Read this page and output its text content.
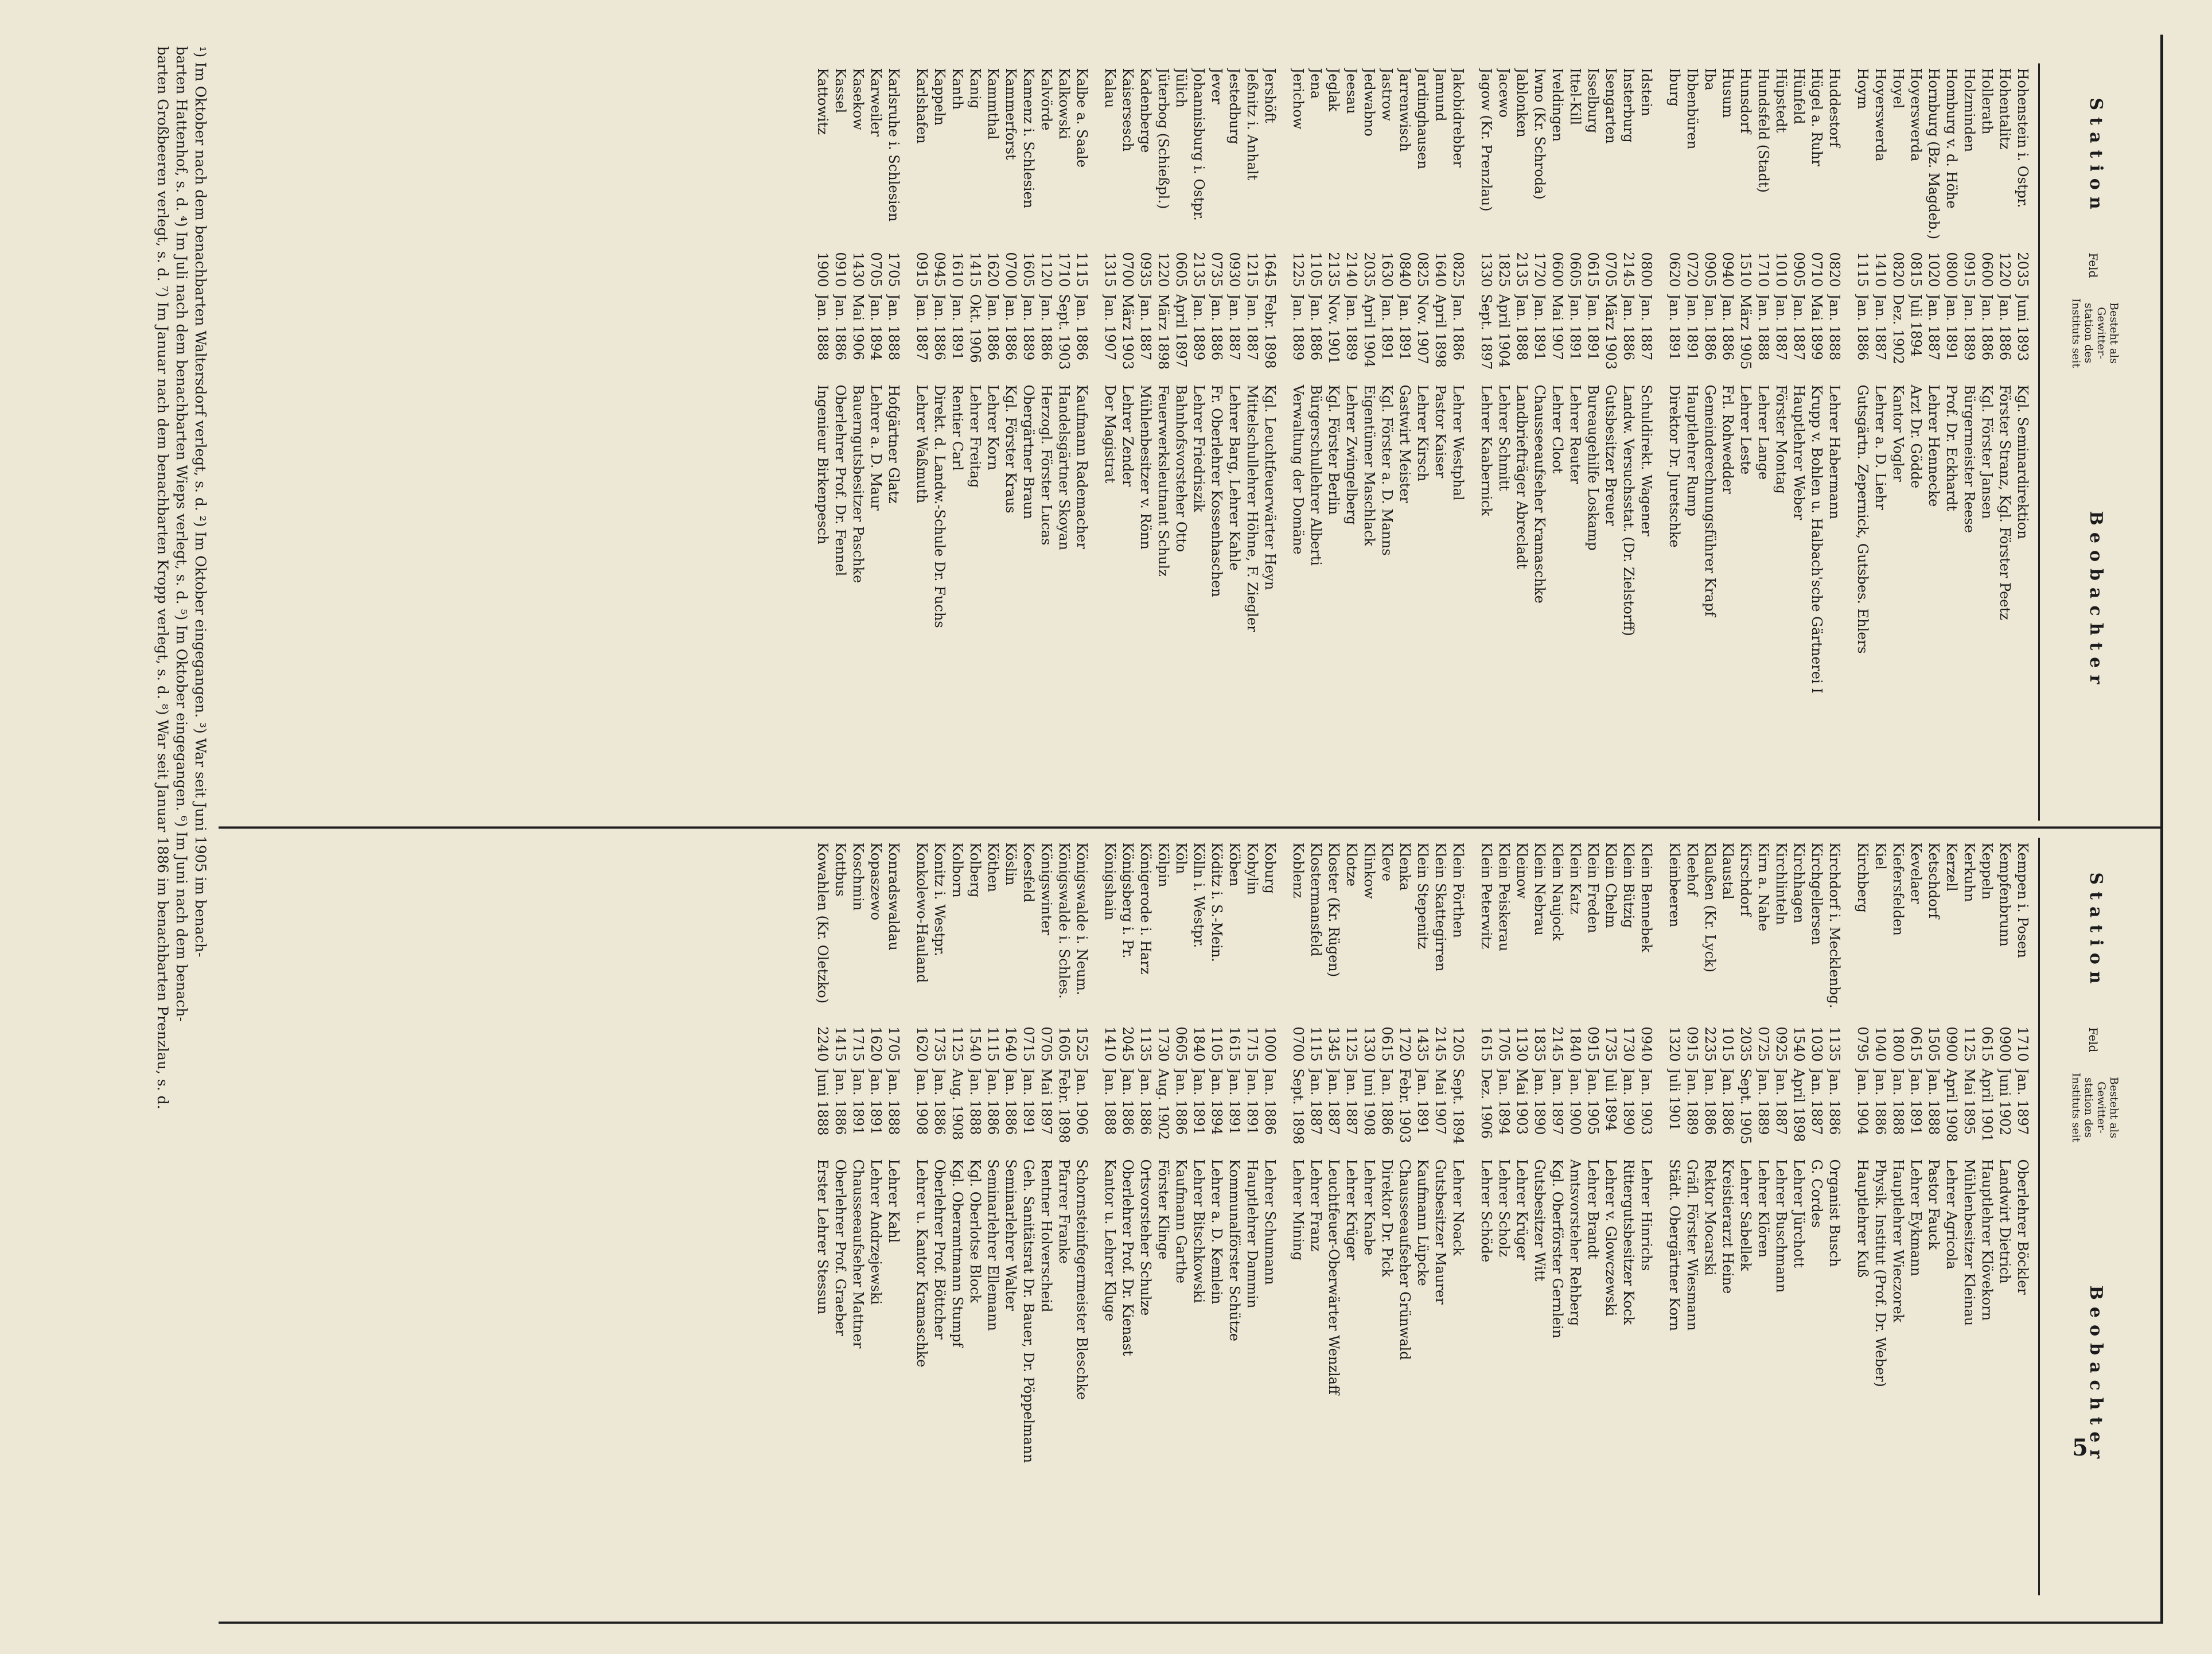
5
Station
Feld
Besteht als Gewitter-station des Instituts seit
Beobachter
Hohenstein i. Ostpr.
2035
Juni 1893
Kgl. Seminardirektion
Hohentalitz
1220
Jan. 1886
Förster Stranz, Kgl. Förster Peetz
Hollerath
0600
Jan. 1886
Kgl. Förster Jansen
Holzminden
0915
Jan. 1889
Bürgermeister Reese
Homburg v. d. Höhe
0800
Jan. 1891
Prof. Dr. Eckhardt
Hornburg (Bz. Magdeb.)
1020
Jan. 1887
Lehrer Hennecke
Hoyerswerda
0815
Juli 1894
Arzt Dr. Gödde
Hoyel
0820
Dez. 1902
Kantor Vogler
Hoyerswerda
1410
Jan. 1887
Lehrer a. D. Liehr
Hoym
1115
Jan. 1886
Gutsgärtn. Zepernick, Gutsbes. Ehlers
Huddestorf
0820
Jan. 1888
Lehrer Habermann
Hügel a. Ruhr
0710
Mai 1899
Krupp v. Bohlen u. Halbach'sche Gärtnerei I
Hünfeld
0905
Jan. 1887
Hauptlehrer Weber
Hüpstedt
1010
Jan. 1887
Förster Montag
Hundsfeld (Stadt)
1710
Jan. 1888
Lehrer Lange
Hunsdorf
1510
März 1905
Lehrer Leste
Husum
0940
Jan. 1886
Frl. Rohwedder
Iba
0905
Jan. 1886
Gemeinderechnungsführer Krapf
Ibbenbüren
0720
Jan. 1891
Hauptlehrer Rump
Iburg
0620
Jan. 1891
Direktor Dr. Juretschke
Idstein
0800
Jan. 1887
Schuldirekt. Wagener
Insterburg
2145
Jan. 1886
Landw. Versuchsstat. (Dr. Zielstorff)
Isengarten
0705
März 1903
Gutsbesitzer Breuer
Isselburg
0615
Jan. 1891
Bureaugehilfe Loskamp
Ittel-Kill
0605
Jan. 1891
Lehrer Reuter
Iveldingen
0600
Mai 1907
Lehrer Cloot
Iwno (Kr. Schroda)
1720
Jan. 1891
Chausseeaufseher Kramaschke
Jablonken
2135
Jan. 1888
Landbriefträger Abrecladt
Jacewo
1825
April 1904
Lehrer Schmitt
Jagow (Kr. Prenzlau)
1330
Sept. 1897
Lehrer Kaabernick
Jakobidrebber
0825
Jan. 1886
Lehrer Westphal
Jamund
1640
April 1898
Pastor Kaiser
Jardinghausen
0825
Nov. 1907
Lehrer Kirsch
Jarrenwisch
0840
Jan. 1891
Gastwirt Meister
Jastrow
1630
Jan. 1891
Kgl. Förster a. D. Manns
Jedwabno
2035
April 1904
Eigentümer Maschlack
Jeesau
2140
Jan. 1889
Lehrer Zwingelberg
Jeglak
2135
Nov. 1901
Kgl. Förster Berlin
Jena
1105
Jan. 1886
Bürgerschullehrer Alberti
Jerichow
1225
Jan. 1889
Verwaltung der Domäne
Jershöft
1645
Febr. 1898
Kgl. Leuchtfeuerwärter Heyn
Jeßnitz i. Anhalt
1215
Jan. 1887
Mittelschullehrer Höhne, F. Ziegler
Jestedburg
0930
Jan. 1887
Lehrer Barg, Lehrer Kahle
Jever
0735
Jan. 1886
Fr. Oberlehrer Kossenhaschen
Johannisburg i. Ostpr.
2135
Jan. 1889
Lehrer Friedriszik
Jülich
0605
April 1897
Bahnhofsvorsteher Otto
Jüterbog (Schießpl.)
1220
März 1898
Feuerwerksleutnant Schulz
Kadenberge
0935
Jan. 1887
Mühlenbesitzer v. Rönn
Kaisersesch
0700
März 1903
Lehrer Zender
Kalau
1315
Jan. 1907
Der Magistrat
Kalbe a. Saale
1115
Jan. 1886
Kaufmann Rademacher
Kalkowski
1710
Sept. 1903
Handelsgärtner Skoyan
Kalvörde
1120
Jan. 1886
Herzogl. Förster Lucas
Kamenz i. Schlesien
1605
Jan. 1889
Obergärtner Braun
Kammerforst
0700
Jan. 1886
Kgl. Förster Kraus
Kammthal
1620
Jan. 1886
Lehrer Korn
Kanig
1415
Okt. 1906
Lehrer Freitag
Kanth
1610
Jan. 1891
Rentier Carl
Kappeln
0945
Jan. 1886
Direkt. d. Landw.-Schule Dr. Fuchs
Karlshafen
0915
Jan. 1887
Lehrer Waßmuth
Karlsruhe i. Schlesien
1705
Jan. 1888
Hofgärtner Glatz
Karweiler
0705
Jan. 1894
Lehrer a. D. Maur
Kasekow
1430
Mai 1906
Bauerngutsbesitzer Paschke
Kassel
0910
Jan. 1886
Oberlehrer Prof. Dr. Fennel
Kattowitz
1900
Jan. 1888
Ingenieur Birkenpesch
Station
Feld
Besteht als Gewitter-station des Instituts seit
Beobachter
Kempen i. Posen
1710
Jan. 1897
Oberlehrer Böckler
Kempfenbrunn
0900
Juni 1902
Landwirt Dietrich
Keppeln
0615
April 1901
Hauptlehrer Klövekorn
Kerkuhn
1125
Mai 1895
Mühlenbesitzer Kleinau
Kerzell
0900
April 1908
Lehrer Agricola
Ketschdorf
1505
Jan. 1888
Pastor Fauck
Kevelaer
0615
Jan. 1891
Lehrer Eykmann
Kiefersfelden
1800
Jan. 1888
Hauptlehrer Wieczorek
Kiel
1040
Jan. 1886
Physik. Institut (Prof. Dr. Weber)
Kirchberg
0795
Jan. 1904
Hauptlehrer Kuß
Kirchdorf i. Mecklenbg.
1135
Jan. 1886
Organist Busch
Kirchgellersen
1030
Jan. 1887
G. Cordes
Kirchhagen
1540
April 1898
Lehrer Jürchott
Kirchlinteln
0925
Jan. 1887
Lehrer Buschmann
Kirn a. Nahe
0725
Jan. 1889
Lehrer Klören
Kirschdorf
2035
Sept. 1905
Lehrer Sabellek
Klaustal
1015
Jan. 1886
Kreistierarzt Heine
Klaußen (Kr. Lyck)
2235
Jan. 1886
Rektor Mocarski
Kleehof
0915
Jan. 1889
Gräfl. Förster Wiesmann
Kleinbeeren
1320
Juli 1901
Städt. Obergärtner Korn
Klein Bennebek
0940
Jan. 1903
Lehrer Hinrichs
Klein Bützig
1730
Jan. 1890
Rittergutsbesitzer Kock
Klein Chelm
1735
Juli 1894
Lehrer v. Glowczewski
Klein Freden
0915
Jan. 1905
Lehrer Brandt
Klein Katz
1840
Jan. 1900
Amtsvorsteher Rehberg
Klein Naujock
2145
Jan. 1897
Kgl. Oberförster Gernlein
Klein Nebrau
1835
Jan. 1890
Gutsbesitzer Witt
Kleinow
1130
Mai 1903
Lehrer Krüger
Klein Peiskerau
1705
Jan. 1894
Lehrer Scholz
Klein Peterwitz
1615
Dez. 1906
Lehrer Schöde
Klein Pörthen
1205
Sept. 1894
Lehrer Noack
Klein Skattegirren
2145
Mai 1907
Gutsbesitzer Maurer
Klein Stepenitz
1435
Jan. 1891
Kaufmann Lüpcke
Klenka
1720
Febr. 1903
Chausseeaufseher Grünwald
Kleve
0615
Jan. 1886
Direktor Dr. Pick
Klinkow
1330
Juni 1908
Lehrer Knabe
Klotze
1125
Jan. 1887
Lehrer Krüger
Kloster (Kr. Rügen)
1345
Jan. 1887
Leuchtfeuer-Oberwärter Wenzlaff
Klostermansfeld
1115
Jan. 1887
Lehrer Franz
Koblenz
0700
Sept. 1898
Lehrer Mining
Koburg
1000
Jan. 1886
Lehrer Schumann
Kobylin
1715
Jan. 1891
Hauptlehrer Dammin
Köben
1615
Jan. 1891
Kommunalförster Schütze
Köditz i. S.-Mein.
1105
Jan. 1894
Lehrer a. D. Kemlein
Kölln i. Westpr.
1840
Jan. 1891
Lehrer Bitschkowski
Köln
0605
Jan. 1886
Kaufmann Garthe
Kölpin
1730
Aug. 1902
Förster Klinge
Königerode i. Harz
1135
Jan. 1886
Ortsvorsteher Schulze
Königsberg i. Pr.
2045
Jan. 1886
Oberlehrer Prof. Dr. Kienast
Königshain
1410
Jan. 1888
Kantor u. Lehrer Kluge
Königswalde i. Neum.
1525
Jan. 1906
Schornsteinfegermeister Bleschke
Königswalde i. Schles.
1605
Febr. 1898
Pfarrer Franke
Königswinter
0705
Mai 1897
Rentner Holverscheid
Koesfeld
0715
Jan. 1891
Geh. Sanitätsrat Dr. Bauer, Dr. Pöppelmann
Köslin
1640
Jan. 1886
Seminarlehrer Walter
Köthen
1115
Jan. 1886
Seminarlehrer Ellemann
Kolberg
1540
Jan. 1888
Kgl. Oberlotse Block
Kolborn
1125
Aug. 1908
Kgl. Oberamtmann Stumpf
Konitz i. Westpr.
1735
Jan. 1886
Oberlehrer Prof. Böttcher
Konkolewo-Hauland
1620
Jan. 1908
Lehrer u. Kantor Kramaschke
Konradswaldau
1705
Jan. 1888
Lehrer Kahl
Kopaszewo
1620
Jan. 1891
Lehrer Andrzejewski
Koschmin
1715
Jan. 1891
Chausseeaufseher Mattner
Kottbus
1415
Jan. 1886
Oberlehrer Prof. Graeber
Kowahlen (Kr. Oletzko)
2240
Juni 1888
Erster Lehrer Stessun
¹) Im Oktober nach dem benachbarten Waltersdorf verlegt, s. d. ²) Im Oktober eingegangen. ³) War seit Juni 1905 im benach-
barten Hattenhof, s. d. ⁴) Im Juli nach dem benachbarten Wieps verlegt, s. d. ⁵) Im Oktober eingegangen. ⁶) Im Juni nach dem benach-
barten Großbeeren verlegt, s. d. ⁷) Im Januar nach dem benachbarten Kropp verlegt, s. d. ⁸) War seit Januar 1886 im benachbarten Prenzlau, s. d.
